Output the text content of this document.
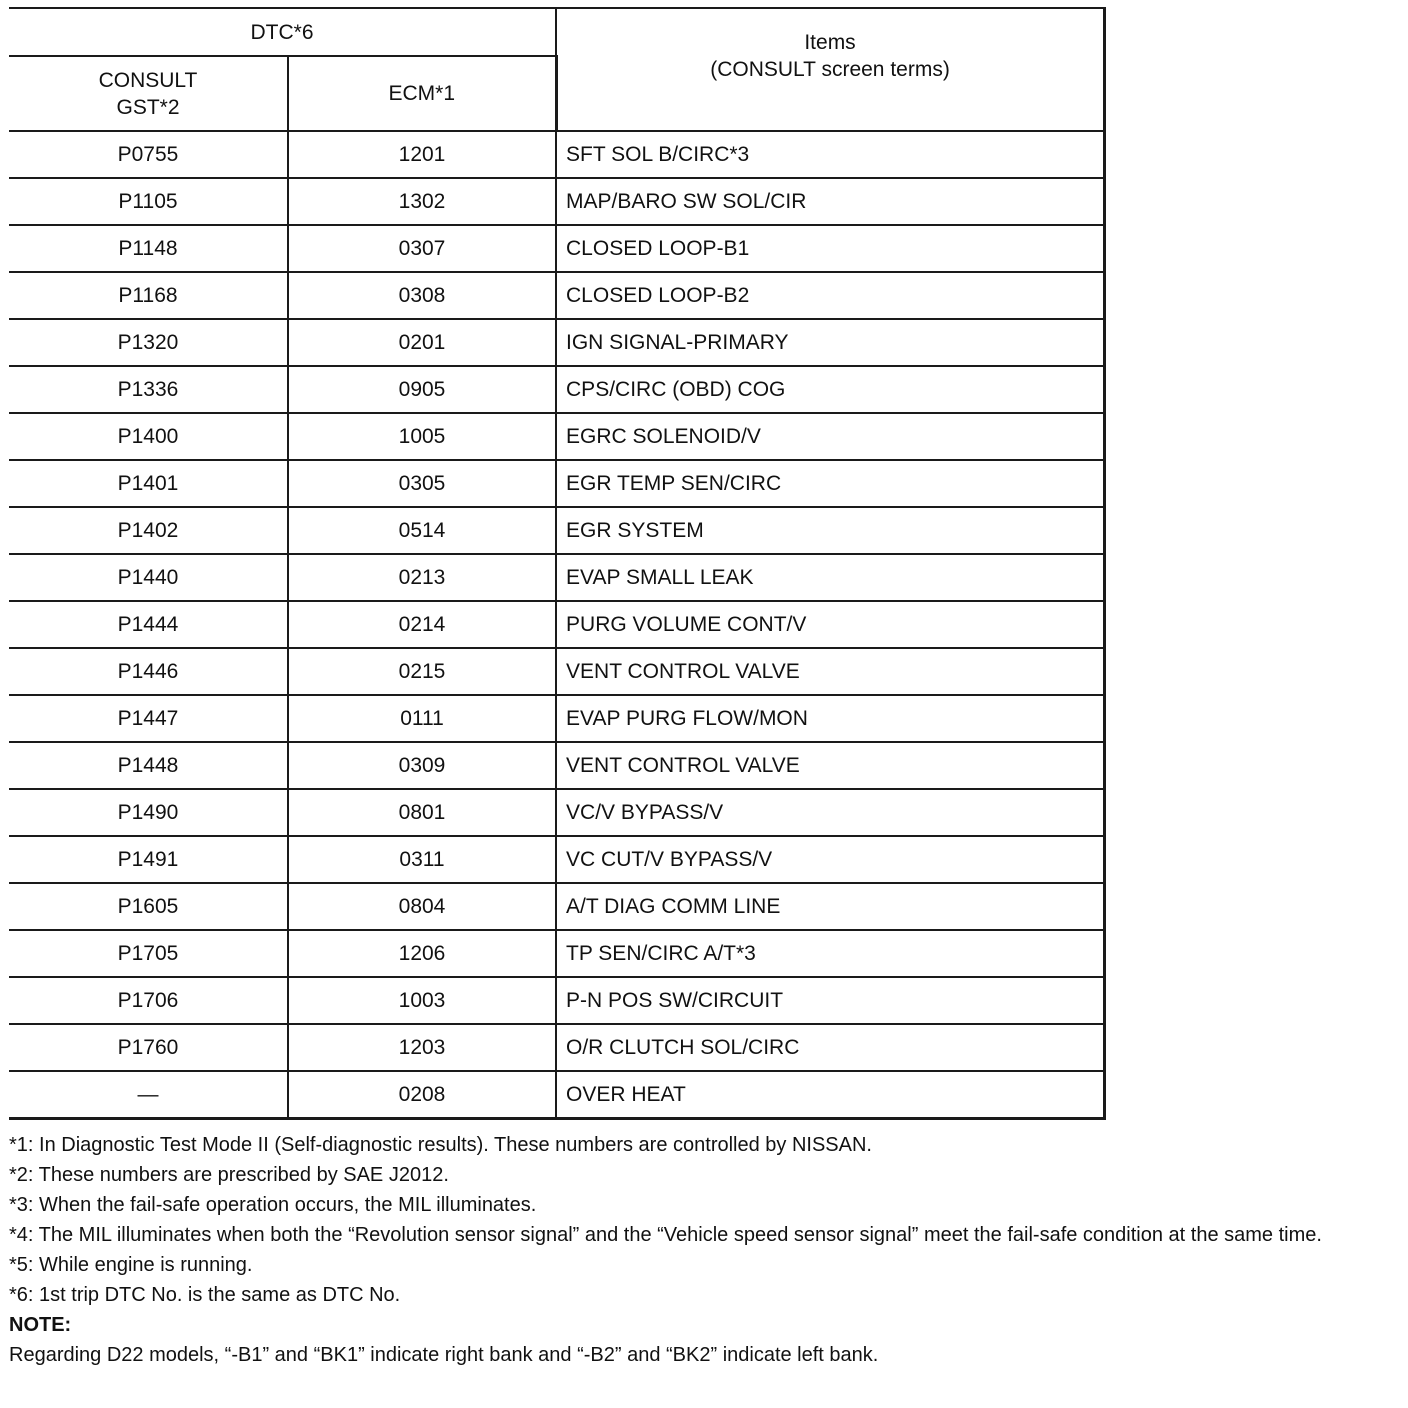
DTC*6		Items
(CONSULT screen terms)

CONSULT
GST*2	ECM*1	
P0755	1201	SFT SOL B/CIRC*3
P1105	1302	MAP/BARO SW SOL/CIR
P1148	0307	CLOSED LOOP-B1
P1168	0308	CLOSED LOOP-B2
P1320	0201	IGN SIGNAL-PRIMARY
P1336	0905	CPS/CIRC (OBD) COG
P1400	1005	EGRC SOLENOID/V
P1401	0305	EGR TEMP SEN/CIRC
P1402	0514	EGR SYSTEM
P1440	0213	EVAP SMALL LEAK
P1444	0214	PURG VOLUME CONT/V
P1446	0215	VENT CONTROL VALVE
P1447	0111	EVAP PURG FLOW/MON
P1448	0309	VENT CONTROL VALVE
P1490	0801	VC/V BYPASS/V
P1491	0311	VC CUT/V BYPASS/V
P1605	0804	A/T DIAG COMM LINE
P1705	1206	TP SEN/CIRC A/T*3
P1706	1003	P-N POS SW/CIRCUIT
P1760	1203	O/R CLUTCH SOL/CIRC
—	0208	OVER HEAT

*1: In Diagnostic Test Mode II (Self-diagnostic results). These numbers are controlled by NISSAN.

*2: These numbers are prescribed by SAE J2012.

*3: When the fail-safe operation occurs, the MIL illuminates.

*4: The MIL illuminates when both the “Revolution sensor signal” and the “Vehicle speed sensor signal” meet the fail-safe condition at the same time.

*5: While engine is running.

*6: 1st trip DTC No. is the same as DTC No.

NOTE:

Regarding D22 models, “-B1” and “BK1” indicate right bank and “-B2” and “BK2” indicate left bank.
